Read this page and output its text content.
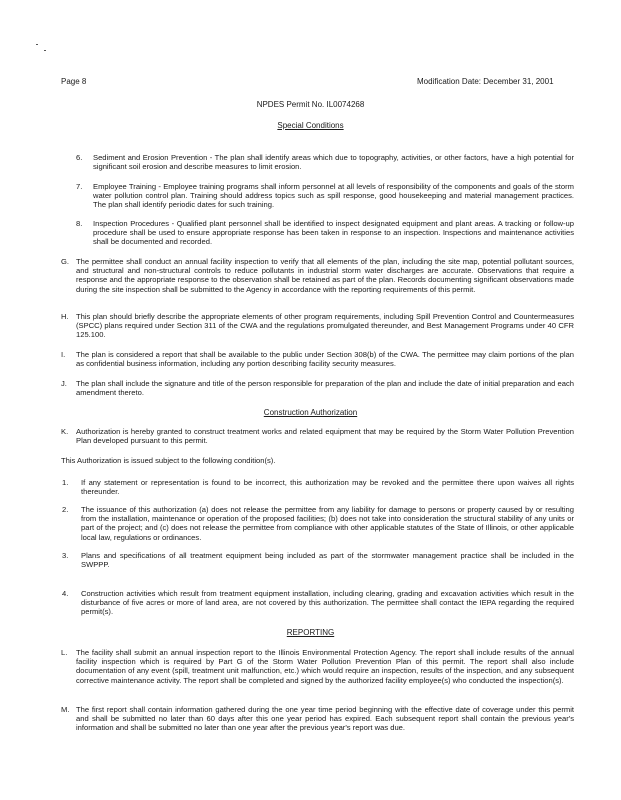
Page 8	Modification Date: December 31, 2001
NPDES Permit No. IL0074268
Special Conditions
6. Sediment and Erosion Prevention - The plan shall identify areas which due to topography, activities, or other factors, have a high potential for significant soil erosion and describe measures to limit erosion.
7. Employee Training - Employee training programs shall inform personnel at all levels of responsibility of the components and goals of the storm water pollution control plan. Training should address topics such as spill response, good housekeeping and material management practices. The plan shall identify periodic dates for such training.
8. Inspection Procedures - Qualified plant personnel shall be identified to inspect designated equipment and plant areas. A tracking or follow-up procedure shall be used to ensure appropriate response has been taken in response to an inspection. Inspections and maintenance activities shall be documented and recorded.
G. The permittee shall conduct an annual facility inspection to verify that all elements of the plan, including the site map, potential pollutant sources, and structural and non-structural controls to reduce pollutants in industrial storm water discharges are accurate. Observations that require a response and the appropriate response to the observation shall be retained as part of the plan. Records documenting significant observations made during the site inspection shall be submitted to the Agency in accordance with the reporting requirements of this permit.
H. This plan should briefly describe the appropriate elements of other program requirements, including Spill Prevention Control and Countermeasures (SPCC) plans required under Section 311 of the CWA and the regulations promulgated thereunder, and Best Management Programs under 40 CFR 125.100.
I. The plan is considered a report that shall be available to the public under Section 308(b) of the CWA. The permittee may claim portions of the plan as confidential business information, including any portion describing facility security measures.
J. The plan shall include the signature and title of the person responsible for preparation of the plan and include the date of initial preparation and each amendment thereto.
Construction Authorization
K. Authorization is hereby granted to construct treatment works and related equipment that may be required by the Storm Water Pollution Prevention Plan developed pursuant to this permit.
This Authorization is issued subject to the following condition(s).
1. If any statement or representation is found to be incorrect, this authorization may be revoked and the permittee there upon waives all rights thereunder.
2. The issuance of this authorization (a) does not release the permittee from any liability for damage to persons or property caused by or resulting from the installation, maintenance or operation of the proposed facilities; (b) does not take into consideration the structural stability of any units or part of the project; and (c) does not release the permittee from compliance with other applicable statutes of the State of Illinois, or other applicable local law, regulations or ordinances.
3. Plans and specifications of all treatment equipment being included as part of the stormwater management practice shall be included in the SWPPP.
4. Construction activities which result from treatment equipment installation, including clearing, grading and excavation activities which result in the disturbance of five acres or more of land area, are not covered by this authorization. The permittee shall contact the IEPA regarding the required permit(s).
REPORTING
L. The facility shall submit an annual inspection report to the Illinois Environmental Protection Agency. The report shall include results of the annual facility inspection which is required by Part G of the Storm Water Pollution Prevention Plan of this permit. The report shall also include documentation of any event (spill, treatment unit malfunction, etc.) which would require an inspection, results of the inspection, and any subsequent corrective maintenance activity. The report shall be completed and signed by the authorized facility employee(s) who conducted the inspection(s).
M. The first report shall contain information gathered during the one year time period beginning with the effective date of coverage under this permit and shall be submitted no later than 60 days after this one year period has expired. Each subsequent report shall contain the previous year's information and shall be submitted no later than one year after the previous year's report was due.
